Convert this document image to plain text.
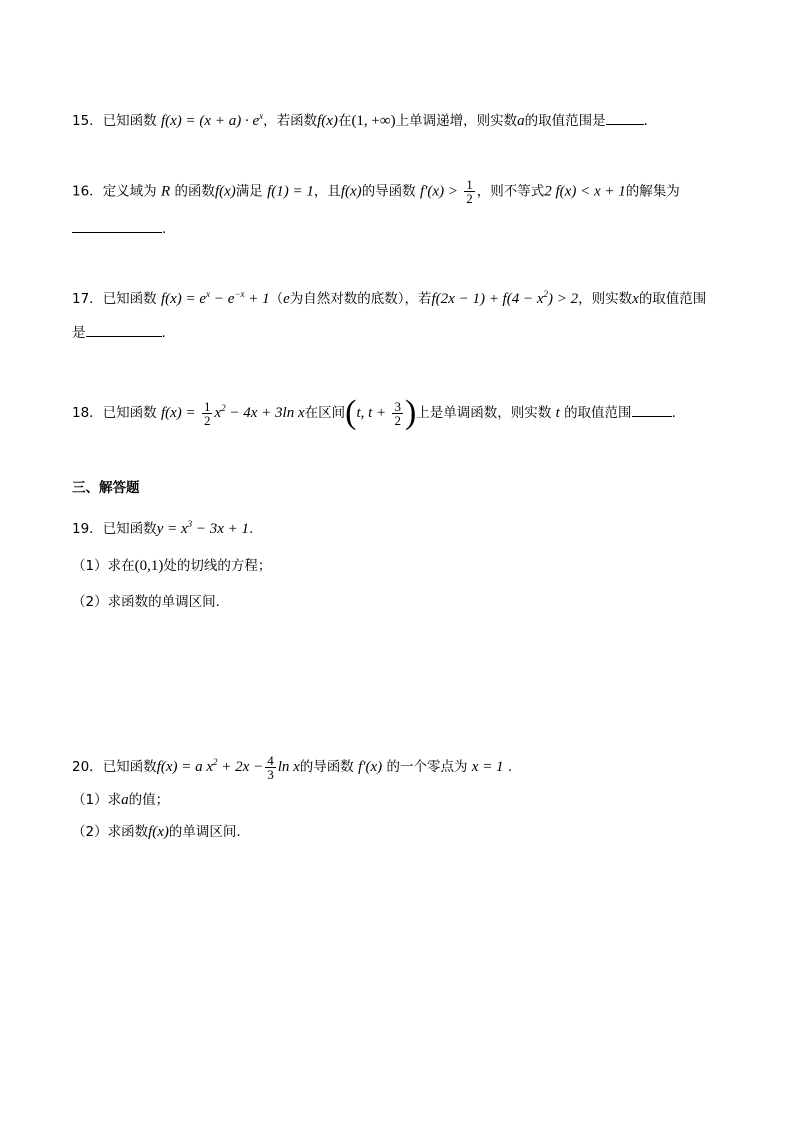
15．已知函数 $f(x) = (x + a) \cdot e^x$，若函数f(x)在(1, +∞)上单调递增，则实数a的取值范围是	.
16．定义域为 R 的函数f(x)满足 f(1) = 1，且f(x)的导函数 $f'(x) > \frac{1}{2}$ ，则不等式2 f(x) < x + 1的解集为
.
17．已知函数 $f(x) = e^x - e^{-x} + 1(e$为自然对数的底数），若$f(2x - 1) + f(4 - x^2) > 2$，则实数x的取值范围
是	.
18．已知函数 $f(x) = \frac{1}{2} x^2 - 4x + 3\ln$ x在区间(t, $t + \frac{3}{2}$ )上是单调函数，则实数 t 的取值范围	.
三、解答题
19．已知函数$y = x^3 - 3x + 1$.
（1）求在(0,1)处的切线的方程；
（2）求函数的单调区间.
20．已知函数f(x) = a $x^2 + 2x - \frac{4}{3}$ ln x的导函数 f′(x) 的一个零点为 x = 1 .
（1）求a的值；
（2）求函数f(x)的单调区间.
